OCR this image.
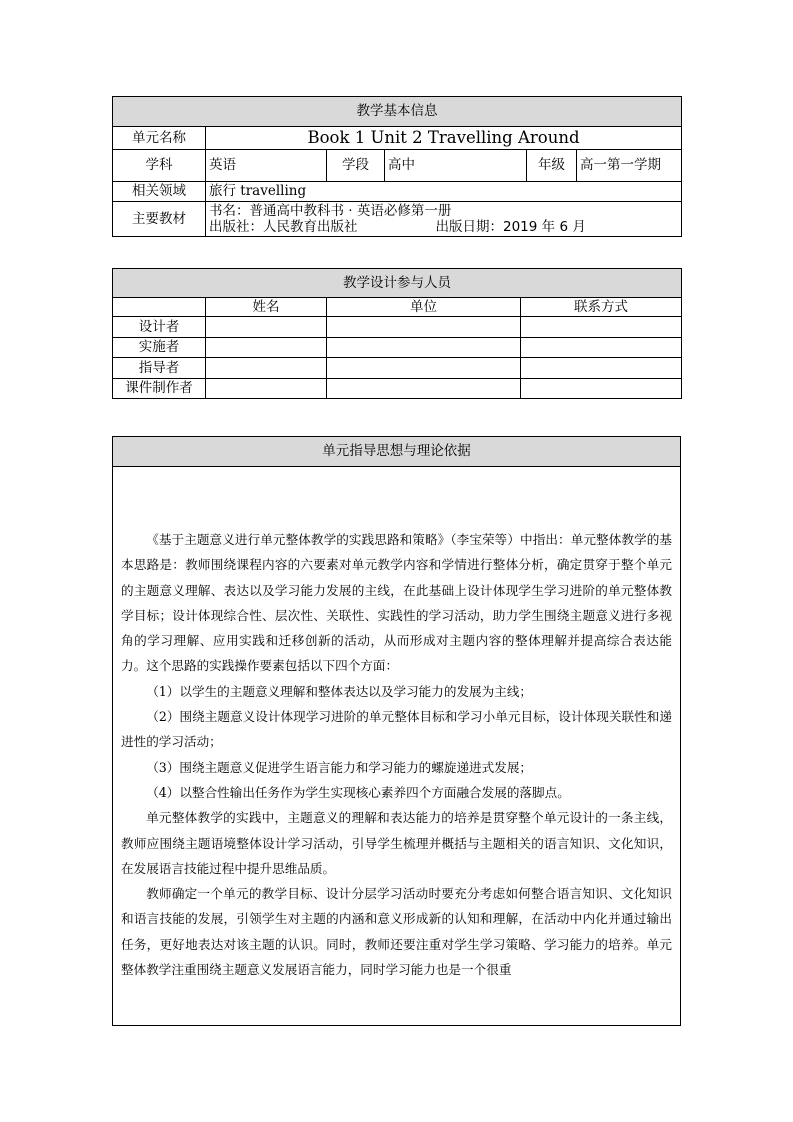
教学基本信息					
单元名称	Book 1 Unit 2 Travelling Around				
学科	英语	学段	高中	年级	高一第一学期
相关领域	旅行 travelling				
主要教材	书名：普通高中教科书 · 英语必修第一册
出版社：人民教育出版社 出版日期：2019 年 6 月				
教学设计参与人员			
	姓名	单位	联系方式
设计者			
实施者			
指导者			
课件制作者			
单元指导思想与理论依据

《基于主题意义进行单元整体教学的实践思路和策略》（李宝荣等）中指出：单元整体教学的基本思路是：教师围绕课程内容的六要素对单元教学内容和学情进行整体分析，确定贯穿于整个单元的主题意义理解、表达以及学习能力发展的主线，在此基础上设计体现学生学习进阶的单元整体教学目标；设计体现综合性、层次性、关联性、实践性的学习活动，助力学生围绕主题意义进行多视角的学习理解、应用实践和迁移创新的活动，从而形成对主题内容的整体理解并提高综合表达能力。这个思路的实践操作要素包括以下四个方面：

（1）以学生的主题意义理解和整体表达以及学习能力的发展为主线；

（2）围绕主题意义设计体现学习进阶的单元整体目标和学习小单元目标，设计体现关联性和递进性的学习活动；

（3）围绕主题意义促进学生语言能力和学习能力的螺旋递进式发展；

（4）以整合性输出任务作为学生实现核心素养四个方面融合发展的落脚点。

单元整体教学的实践中，主题意义的理解和表达能力的培养是贯穿整个单元设计的一条主线，教师应围绕主题语境整体设计学习活动，引导学生梳理并概括与主题相关的语言知识、文化知识，在发展语言技能过程中提升思维品质。

教师确定一个单元的教学目标、设计分层学习活动时要充分考虑如何整合语言知识、文化知识和语言技能的发展，引领学生对主题的内涵和意义形成新的认知和理解，在活动中内化并通过输出任务，更好地表达对该主题的认识。同时，教师还要注重对学生学习策略、学习能力的培养。单元整体教学注重围绕主题意义发展语言能力，同时学习能力也是一个很重
